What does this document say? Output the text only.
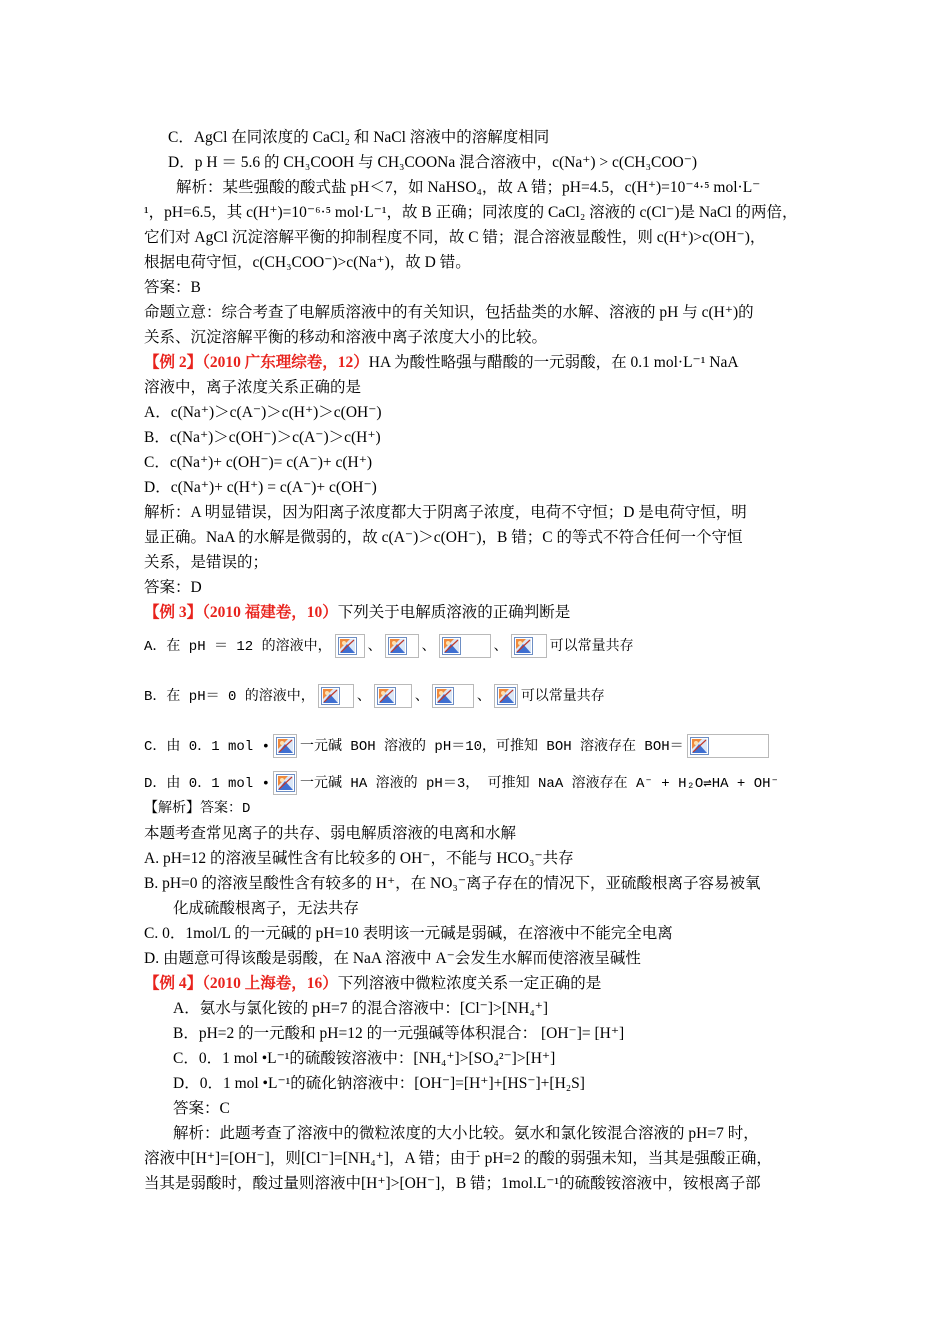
C．AgCl 在同浓度的 CaCl₂ 和 NaCl 溶液中的溶解度相同
D．p H ＝ 5.6 的 CH₃COOH 与 CH₃COONa 混合溶液中，c(Na⁺) > c(CH₃COO⁻)
解析：某些强酸的酸式盐 pH＜7，如 NaHSO₄，故 A 错；pH=4.5，c(H⁺)=10⁻⁴·⁵ mol·L⁻
¹，pH=6.5，其 c(H⁺)=10⁻⁶·⁵ mol·L⁻¹，故 B 正确；同浓度的 CaCl₂ 溶液的 c(Cl⁻)是 NaCl 的两倍，
它们对 AgCl 沉淀溶解平衡的抑制程度不同，故 C 错；混合溶液显酸性，则 c(H⁺)>c(OH⁻)，
根据电荷守恒，c(CH₃COO⁻)>c(Na⁺)，故 D 错。
答案：B
命题立意：综合考查了电解质溶液中的有关知识，包括盐类的水解、溶液的 pH 与 c(H⁺)的
关系、沉淀溶解平衡的移动和溶液中离子浓度大小的比较。
【例 2】（2010 广东理综卷，12）HA 为酸性略强与醋酸的一元弱酸，在 0.1 mol·L⁻¹ NaA
溶液中，离子浓度关系正确的是
A．c(Na⁺)＞c(A⁻)＞c(H⁺)＞c(OH⁻)
B．c(Na⁺)＞c(OH⁻)＞c(A⁻)＞c(H⁺)
C．c(Na⁺)+ c(OH⁻)= c(A⁻)+ c(H⁺)
D．c(Na⁺)+ c(H⁺) = c(A⁻)+ c(OH⁻)
解析：A 明显错误，因为阳离子浓度都大于阴离子浓度，电荷不守恒；D 是电荷守恒，明
显正确。NaA 的水解是微弱的，故 c(A⁻)＞c(OH⁻)，B 错；C 的等式不符合任何一个守恒
关系，是错误的；
答案：D
【例 3】（2010 福建卷，10）下列关于电解质溶液的正确判断是
A．在 pH ＝ 12 的溶液中，	、	、	、	可以常量共存
B．在 pH＝ 0 的溶液中，	、	、	、 可以常量共存
C．由 0．1 mol • 一元碱 BOH 溶液的 pH＝10，可推知 BOH 溶液存在 BOH＝
D．由 0．1 mol • 一元碱 HA 溶液的 pH＝3， 可推知 NaA 溶液存在 A⁻ + H₂O⇌HA + OH⁻
【解析】答案：D
本题考查常见离子的共存、弱电解质溶液的电离和水解
A. pH=12 的溶液呈碱性含有比较多的 OH⁻，不能与 HCO₃⁻共存
B. pH=0 的溶液呈酸性含有较多的 H⁺，在 NO₃⁻离子存在的情况下，亚硫酸根离子容易被氧
化成硫酸根离子，无法共存
C. 0．1mol/L 的一元碱的 pH=10 表明该一元碱是弱碱，在溶液中不能完全电离
D. 由题意可得该酸是弱酸，在 NaA 溶液中 A⁻会发生水解而使溶液呈碱性
【例 4】（2010 上海卷，16）下列溶液中微粒浓度关系一定正确的是
A．氨水与氯化铵的 pH=7 的混合溶液中：[Cl⁻]>[NH₄⁺]
B．pH=2 的一元酸和 pH=12 的一元强碱等体积混合： [OH⁻]= [H⁺]
C．0．1 mol •L⁻¹的硫酸铵溶液中：[NH₄⁺]>[SO₄²⁻]>[H⁺]
D．0．1 mol •L⁻¹的硫化钠溶液中：[OH⁻]=[H⁺]+[HS⁻]+[H₂S]
答案：C
解析：此题考查了溶液中的微粒浓度的大小比较。氨水和氯化铵混合溶液的 pH=7 时，
溶液中[H⁺]=[OH⁻]，则[Cl⁻]=[NH₄⁺]，A 错；由于 pH=2 的酸的弱强未知，当其是强酸正确，
当其是弱酸时，酸过量则溶液中[H⁺]>[OH⁻]，B 错；1mol.L⁻¹的硫酸铵溶液中，铵根离子部
